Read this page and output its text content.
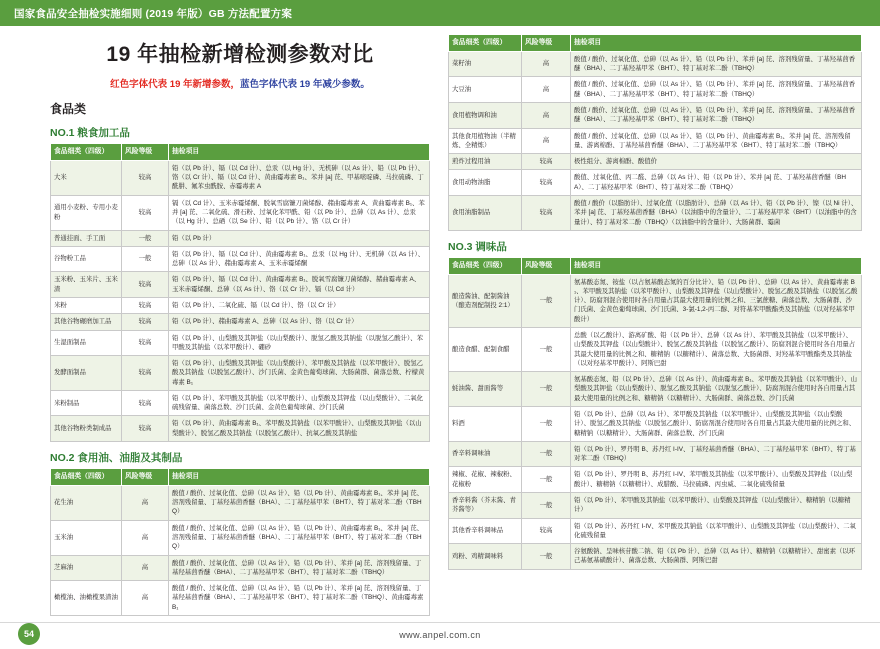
国家食品安全抽检实施细则 (2019 年版）GB 方法配置方案
19 年抽检新增检测参数对比
红色字体代表 19 年新增参数，蓝色字体代表 19 年减少参数。
食品类
NO.1 粮食加工品
食品细类（四级）	风险等级	抽检项目
大米	较高	铅（以 Pb 计）、镉（以 Cd 计）、总汞（以 Hg 计）、无机砷（以 As 计）、铅（以 Pb 计）、铬（以 Cr 计）、镉（以 Cd 计）、黄曲霉毒素 B₁、苯并 [a] 芘、甲基嘧啶磷、马拉硫磷、丁酰肼、氟苯虫酰胺、赤霉毒素 A
通用小麦粉、专用小麦粉	较高	镉（以 Cd 计）、玉米赤霉烯酮、脱氧雪腐镰刀菌烯醇、赭曲霉毒素 A、黄曲霉毒素 B₁、苯并 [a] 芘、二氧化硫、滑石粉、过氧化苯甲酰、铅（以 Pb 计）、总砷（以 As 计）、总汞（以 Hg 计）、总硒（以 Se 计）、铅（以 Pb 计）、铬（以 Cr 计）
普通挂面、手工面	一般	铅（以 Pb 计）
谷物粉工品	一般	铅（以 Pb 计）、镉（以 Cd 计）、黄曲霉毒素 B₁、总汞（以 Hg 计）、无机砷（以 As 计）、总砷（以 As 计）、赭曲霉毒素 A、玉米赤霉烯酮
玉米粉、玉米片、玉米渣	较高	铅（以 Pb 计）、镉（以 Cd 计）、黄曲霉毒素 B₁、脱氧雪腐镰刀菌烯醇、赭曲霉毒素 A、玉米赤霉烯酮、总砷（以 As 计）、铬（以 Cr 计）、镉（以 Cd 计）
米粉	较高	铅（以 Pb 计）、二氧化硫、镉（以 Cd 计）、铬（以 Cr 计）
其他谷物碾磨加工品	较高	铅（以 Pb 计）、赭曲霉毒素 A、总砷（以 As 计）、铬（以 Cr 计）
生湿面制品	较高	铅（以 Pb 计）、山梨酸及其钾盐（以山梨酸计）、脱氢乙酸及其钠盐（以脱氢乙酸计）、苯甲酸及其钠盐（以苯甲酸计）、硼砂
发酵面制品	较高	铅（以 Pb 计）、山梨酸及其钾盐（以山梨酸计）、苯甲酸及其钠盐（以苯甲酸计）、脱氢乙酸及其钠盐（以脱氢乙酸计）、沙门氏菌、金黄色葡萄球菌、大肠菌群、菌落总数、柠檬黄毒素 B₁
米粉制品	较高	铅（以 Pb 计）、苯甲酸及其钠盐（以苯甲酸计）、山梨酸及其钾盐（以山梨酸计）、二氧化硫残留量、菌落总数、沙门氏菌、金黄色葡萄球菌、沙门氏菌
其他谷物粉类制成品	较高	铅（以 Pb 计）、黄曲霉毒素 B₁、苯甲酸及其钠盐（以苯甲酸计）、山梨酸及其钾盐（以山梨酸计）、脱氢乙酸及其钠盐（以脱氢乙酸计）、抗氧乙酸及其钠盐
NO.2 食用油、油脂及其制品
食品细类（四级）	风险等级	抽检项目
花生油	高	酸值 / 酸价、过氧化值、总砷（以 As 计）、铅（以 Pb 计）、黄曲霉毒素 B₁、苯并 [a] 芘、溶剂残留量、丁基羟基茴香醚（BHA）、二丁基羟基甲苯（BHT）、特丁基对苯二酚（TBHQ）
玉米油	高	酸值 / 酸价、过氧化值、总砷（以 As 计）、铅（以 Pb 计）、黄曲霉毒素 B₁、苯并 [a] 芘、溶剂残留量、丁基羟基茴香醚（BHA）、二丁基羟基甲苯（BHT）、特丁基对苯二酚（TBHQ）
芝麻油	高	酸值 / 酸价、过氧化值、总砷（以 As 计）、铅（以 Pb 计）、苯并 [a] 芘、溶剂残留量、丁基羟基茴香醚（BHA）、二丁基羟基甲苯（BHT）、特丁基对苯二酚（TBHQ）
橄榄油、油橄榄果渣油	高	酸值 / 酸价、过氧化值、总砷（以 As 计）、铅（以 Pb 计）、苯并 [a] 芘、溶剂残留量、丁基羟基茴香醚（BHA）、二丁基羟基甲苯（BHT）、特丁基对苯二酚（TBHQ）、黄曲霉毒素 B₁
食品细类（四级）	风险等级	抽检项目
菜籽油	高	酸值 / 酸价、过氧化值、总砷（以 As 计）、铅（以 Pb 计）、苯并 [a] 芘、溶剂残留量、丁基羟基茴香醚（BHA）、二丁基羟基甲苯（BHT）、特丁基对苯二酚（TBHQ）
大豆油	高	酸值 / 酸价、过氧化值、总砷（以 As 计）、铅（以 Pb 计）、苯并 [a] 芘、溶剂残留量、丁基羟基茴香醚（BHA）、二丁基羟基甲苯（BHT）、特丁基对苯二酚（TBHQ）
食用植物调和油	高	酸值 / 酸价、过氧化值、总砷（以 As 计）、铅（以 Pb 计）、苯并 [a] 芘、溶剂残留量、丁基羟基茴香醚（BHA）、二丁基羟基甲苯（BHT）、特丁基对苯二酚（TBHQ）
其他食用植物油（半精炼、全精炼）	高	酸值 / 酸价、过氧化值、总砷（以 As 计）、铅（以 Pb 计）、黄曲霉毒素 B₁、苯并 [a] 芘、溶剂残留量、游离棉酚、丁基羟基茴香醚（BHA）、二丁基羟基甲苯（BHT）、特丁基对苯二酚（TBHQ）
煎炸过程用油	较高	极性组分、游离棉酚、酸值价
食用动物油脂	较高	酸值、过氧化值、丙二醛、总砷（以 As 计）、铅（以 Pb 计）、苯并 [a] 芘、丁基羟基茴香醚（BHA）、二丁基羟基甲苯（BHT）、特丁基对苯二酚（TBHQ）
食用油脂制品	较高	酸值 / 酸价（以脂肪计）、过氧化值（以脂肪计）、总砷（以 As 计）、铅（以 Pb 计）、镍（以 Ni 计）、苯并 [a] 芘、丁基羟基茴香醚（BHA）（以油脂中的含量计）、二丁基羟基甲苯（BHT）（以油脂中的含量计）、特丁基对苯二酚（TBHQ）（以油脂中的含量计）、大肠菌群、霉菌
NO.3 调味品
食品细类（四级）	风险等级	抽检项目
酿造酱油、配制酱油（酿造剂配制投 2:1）	一般	氨基酸态氮、铵盐（以占氨基酸态氮的百分比计）、铅（以 Pb 计）、总砷（以 As 计）、黄曲霉毒素 B₁、苯甲酸及其钠盐（以苯甲酸计）、山梨酸及其钾盐（以山梨酸计）、脱氢乙酸及其钠盐（以脱氢乙酸计）、防腐剂混合使用时各自用量占其最大使用量的比例之和、三氯蔗糖、菌落总数、大肠菌群、沙门氏菌、金黄色葡萄球菌、沙门氏菌、3-氯-1,2-丙二醇、对符基苯甲酸酯类及其钠盐（以对羟基苯甲酸计）
酿造食醋、配制食醋	一般	总酸（以乙酸计）、游离矿酸、铅（以 Pb 计）、总砷（以 As 计）、苯甲酸及其钠盐（以苯甲酸计）、山梨酸及其钾盐（以山梨酸计）、脱氢乙酸及其钠盐（以脱氢乙酸计）、防腐剂混合使用时各自用量占其最大使用量的比例之和、糖精钠（以糖精计）、菌落总数、大肠菌群、对羟基苯甲酸酯类及其钠盐（以对羟基苯甲酸计）、阿斯巴甜
蚝油酱、甜面酱等	一般	氨基酸态氮、铅（以 Pb 计）、总砷（以 As 计）、黄曲霉毒素 B₁、苯甲酸及其钠盐（以苯甲酸计）、山梨酸及其钾盐（以山梨酸计）、脱氢乙酸及其钠盐（以脱氢乙酸计）、防腐剂混合使用时各自用量占其最大使用量的比例之和、糖精钠（以糖精计）、大肠菌群、菌落总数、沙门氏菌
料酒	一般	铅（以 Pb 计）、总砷（以 As 计）、苯甲酸及其钠盐（以苯甲酸计）、山梨酸及其钾盐（以山梨酸计）、脱氢乙酸及其钠盐（以脱氢乙酸计）、防腐剂混合使用时各自用量占其最大使用量的比例之和、糖精钠（以糖精计）、大肠菌群、菌落总数、沙门氏菌
香辛料调味油	一般	铅（以 Pb 计）、罗丹明 B、苏丹红 I-IV、丁基羟基茴香醚（BHA）、二丁基羟基甲苯（BHT）、特丁基对苯二酚（TBHQ）
辣椒、花椒、辣椒粉、花椒粉	一般	铅（以 Pb 计）、罗丹明 B、苏丹红 I-IV、苯甲酸及其钠盐（以苯甲酸计）、山梨酸及其钾盐（以山梨酸计）、糖精钠（以糖精计）、成腊酸、马拉硫磷、丙虫威、二氧化硫残留量
香辛料酱（芥末酱、青芥酱等）	一般	铅（以 Pb 计）、苯甲酸及其钠盐（以苯甲酸计）、山梨酸及其钾盐（以山梨酸计）、糖精钠（以糖精计）
其他香辛料调味品	较高	铅（以 Pb 计）、苏丹红 I-IV、苯甲酸及其钠盐（以苯甲酸计）、山梨酸及其钾盐（以山梨酸计）、二氧化硫残留量
鸡粉、鸡精调味料	一般	谷氨酸钠、呈味核苷酸二钠、铅（以 Pb 计）、总砷（以 As 计）、糖精钠（以糖精计）、甜蜜素（以环己基氨基磺酸计）、菌落总数、大肠菌群、阿斯巴甜
www.anpel.com.cn
54
